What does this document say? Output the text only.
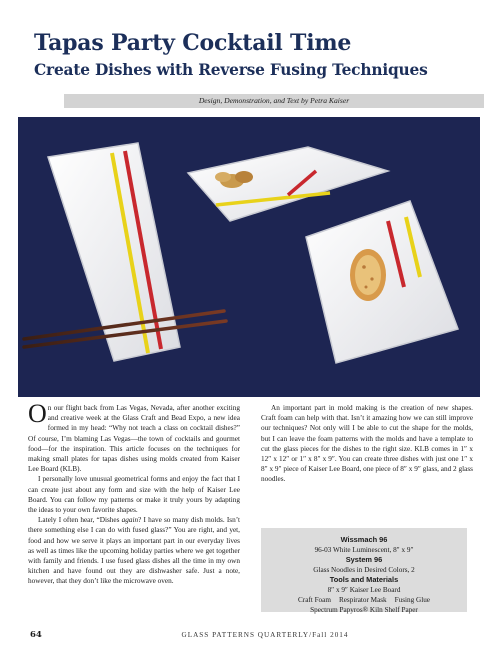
Tapas Party Cocktail Time
Create Dishes with Reverse Fusing Techniques
Design, Demonstration, and Text by Petra Kaiser

On our flight back from Las Vegas, Nevada, after another exciting and creative week at the Glass Craft and Bead Expo, a new idea formed in my head: “Why not teach a class on cocktail dishes?” Of course, I’m blaming Las Vegas—the town of cocktails and gourmet food—for the inspiration. This article focuses on the techniques for making small plates for tapas dishes using molds created from Kaiser Lee Board (KLB).

I personally love unusual geometrical forms and enjoy the fact that I can create just about any form and size with the help of Kaiser Lee Board. You can follow my patterns or make it truly yours by adapting the ideas to your own favorite shapes.

Lately I often hear, “Dishes again? I have so many dish molds. Isn’t there something else I can do with fused glass?” You are right, and yet, food and how we serve it plays an important part in our everyday lives as well as times like the upcoming holiday parties where we get together with family and friends. I use fused glass dishes all the time in my own kitchen and have found out they are dishwasher safe. Just a note, however, that they don’t like the microwave oven.

An important part in mold making is the creation of new shapes. Craft foam can help with that. Isn’t it amazing how we can still improve our techniques? Not only will I be able to cut the shape for the molds, but I can leave the foam patterns with the molds and have a template to cut the glass pieces for the dishes to the right size. KLB comes in 1″ x 12″ x 12″ or 1″ x 8″ x 9″. You can create three dishes with just one 1″ x 8″ x 9″ piece of Kaiser Lee Board, one piece of 8″ x 9″ glass, and 2 glass noodles.

Wissmach 96
96-03 White Luminescent, 8″ x 9″
System 96
Glass Noodles in Desired Colors, 2
Tools and Materials
8″ x 9″ Kaiser Lee Board
Craft Foam Respirator Mask Fusing Glue
Spectrum Papyros® Kiln Shelf Paper
64	GLASS PATTERNS QUARTERLY/Fall 2014
